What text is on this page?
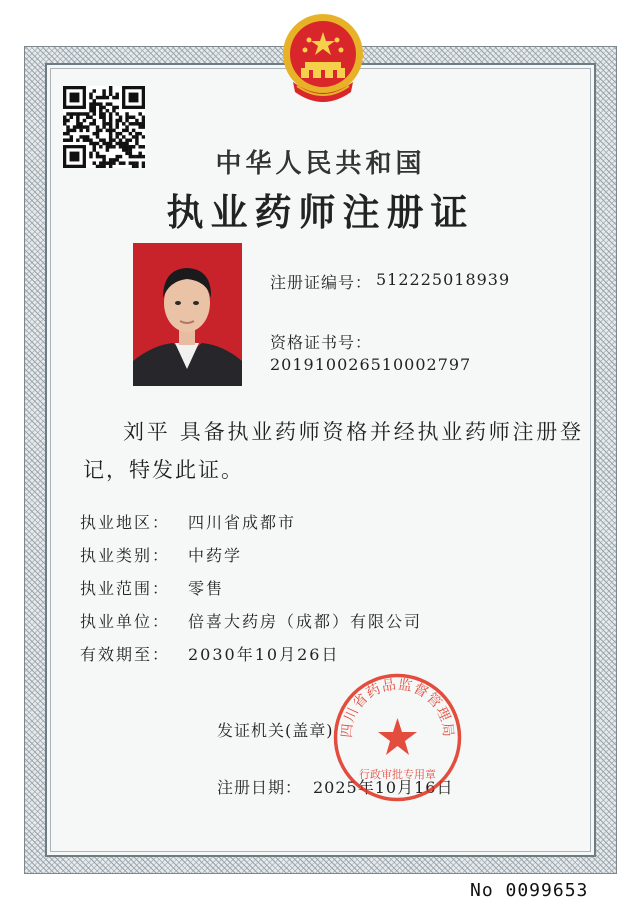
中华人民共和国
执业药师注册证
注册证编号： 512225018939
资格证书号：
201910026510002797
刘平 具备执业药师资格并经执业药师注册登记，特发此证。
执业地区： 四川省成都市
执业类别： 中药学
执业范围： 零售
执业单位： 倍喜大药房（成都）有限公司
有效期至： 2030年10月26日
发证机关(盖章)
注册日期： 2025年10月16日
四川省药品监督管理局
行政审批专用章
No 0099653
